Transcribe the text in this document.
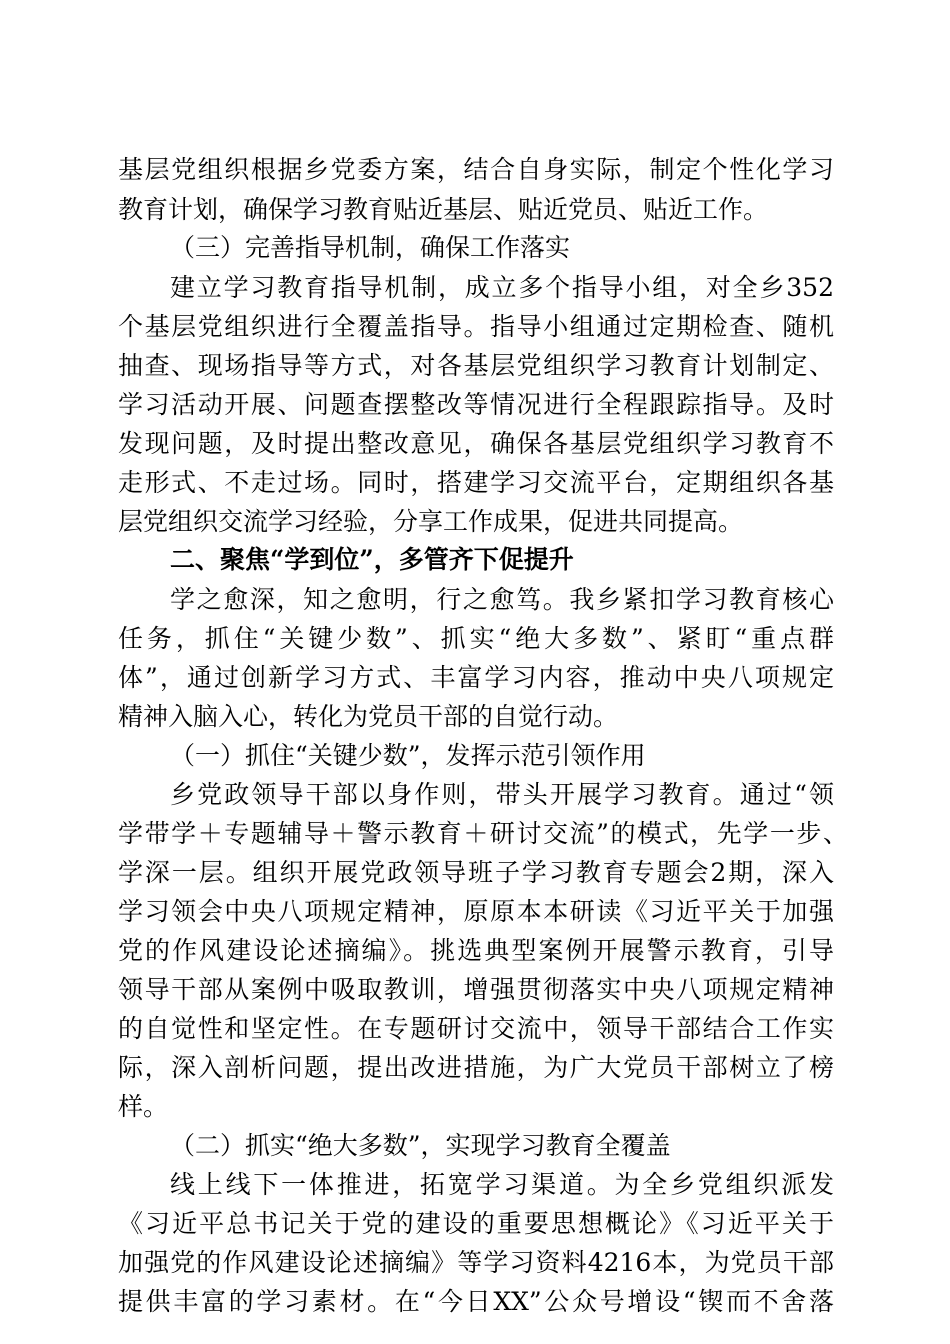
基层党组织根据乡党委方案，结合自身实际，制定个性化学习
教育计划，确保学习教育贴近基层、贴近党员、贴近工作。
（三）完善指导机制，确保工作落实
建立学习教育指导机制，成立多个指导小组，对全乡352
个基层党组织进行全覆盖指导。指导小组通过定期检查、随机
抽查、现场指导等方式，对各基层党组织学习教育计划制定、
学习活动开展、问题查摆整改等情况进行全程跟踪指导。及时
发现问题，及时提出整改意见，确保各基层党组织学习教育不
走形式、不走过场。同时，搭建学习交流平台，定期组织各基
层党组织交流学习经验，分享工作成果，促进共同提高。
二、聚焦“学到位”，多管齐下促提升
学之愈深，知之愈明，行之愈笃。我乡紧扣学习教育核心
任务，抓住“关键少数”、抓实“绝大多数”、紧盯“重点群
体”，通过创新学习方式、丰富学习内容，推动中央八项规定
精神入脑入心，转化为党员干部的自觉行动。
（一）抓住“关键少数”，发挥示范引领作用
乡党政领导干部以身作则，带头开展学习教育。通过“领
学带学＋专题辅导＋警示教育＋研讨交流”的模式，先学一步、
学深一层。组织开展党政领导班子学习教育专题会2期，深入
学习领会中央八项规定精神，原原本本研读《习近平关于加强
党的作风建设论述摘编》。挑选典型案例开展警示教育，引导
领导干部从案例中吸取教训，增强贯彻落实中央八项规定精神
的自觉性和坚定性。在专题研讨交流中，领导干部结合工作实
际，深入剖析问题，提出改进措施，为广大党员干部树立了榜
样。
（二）抓实“绝大多数”，实现学习教育全覆盖
线上线下一体推进，拓宽学习渠道。为全乡党组织派发
《习近平总书记关于党的建设的重要思想概论》《习近平关于
加强党的作风建设论述摘编》等学习资料4216本，为党员干部
提供丰富的学习素材。在“今日XX”公众号增设“锲而不舍落
